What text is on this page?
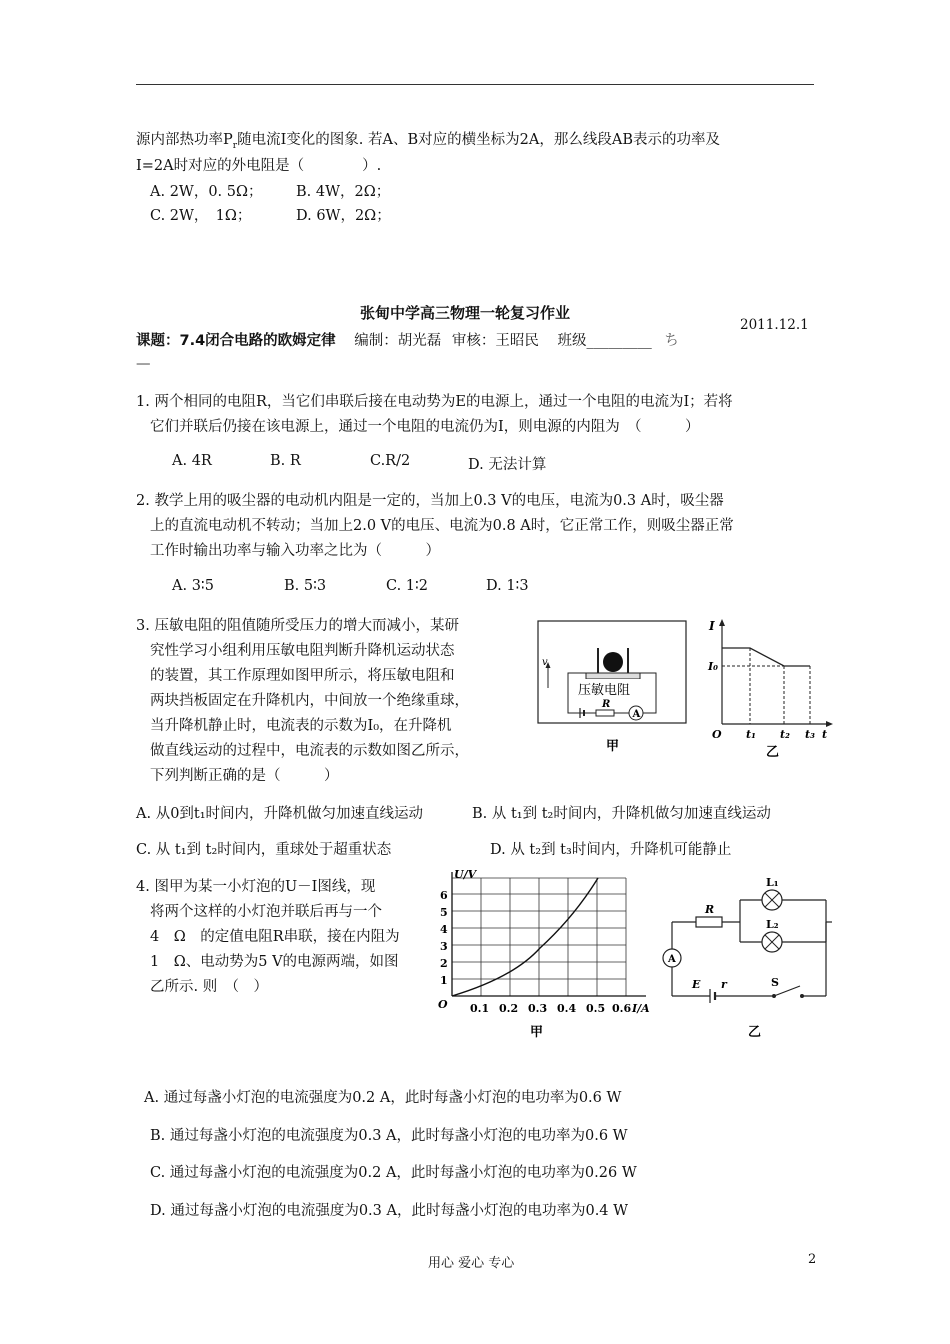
源内部热功率$P_r$随电流I变化的图象. 若A、B对应的横坐标为2A，那么线段AB表示的功率及
I=2A时对应的外电阻是（　　　　）.
A. 2W，0. 5Ω； B. 4W，2Ω；
C. 2W，　1Ω；	D. 6W，2Ω；
张甸中学高三物理一轮复习作业
2011.12.1
课题：7.4闭合电路的欧姆定律 编制：胡光磊 审核：王昭民 班级_________ ち
—
1. 两个相同的电阻R，当它们串联后接在电动势为E的电源上，通过一个电阻的电流为I；若将
它们并联后仍接在该电源上，通过一个电阻的电流仍为I，则电源的内阻为　（　　　）
A. 4R	B. R	C.R/2	D. 无法计算
2. 教学上用的吸尘器的电动机内阻是一定的，当加上0.3 V的电压，电流为0.3 A时，吸尘器
上的直流电动机不转动；当加上2.0 V的电压、电流为0.8 A时，它正常工作，则吸尘器正常
工作时输出功率与输入功率之比为（　　　）
A. 3∶5	B. 5∶3	C. 1∶2	D. 1∶3
3. 压敏电阻的阻值随所受压力的增大而减小，某研
究性学习小组利用压敏电阻判断升降机运动状态
的装置，其工作原理如图甲所示，将压敏电阻和
两块挡板固定在升降机内，中间放一个绝缘重球，
当升降机静止时，电流表的示数为I₀，在升降机
做直线运动的过程中，电流表的示数如图乙所示，
下列判断正确的是（　　　）
v
压敏电阻
R
A
甲
I
I₀
O t₁ t₂ t₃ t
乙
A. 从0到t₁时间内，升降机做匀加速直线运动	B. 从 t₁到 t₂时间内，升降机做匀加速直线运动
C. 从 t₁到 t₂时间内，重球处于超重状态	D. 从 t₂到 t₃时间内，升降机可能静止
4. 图甲为某一小灯泡的U－I图线，现
将两个这样的小灯泡并联后再与一个
4　Ω　的定值电阻R串联，接在内阻为
1　Ω、电动势为5 V的电源两端，如图
乙所示. 则　（　）
U/V
1
2
3
4
5
6
O 0.1 0.2 0.3 0.4 0.5 0.6 I/A
甲
L₁
L₂
R
A
E r	S
乙
A. 通过每盏小灯泡的电流强度为0.2 A，此时每盏小灯泡的电功率为0.6 W
B. 通过每盏小灯泡的电流强度为0.3 A，此时每盏小灯泡的电功率为0.6 W
C. 通过每盏小灯泡的电流强度为0.2 A，此时每盏小灯泡的电功率为0.26 W
D. 通过每盏小灯泡的电流强度为0.3 A，此时每盏小灯泡的电功率为0.4 W
用心 爱心 专心	2
